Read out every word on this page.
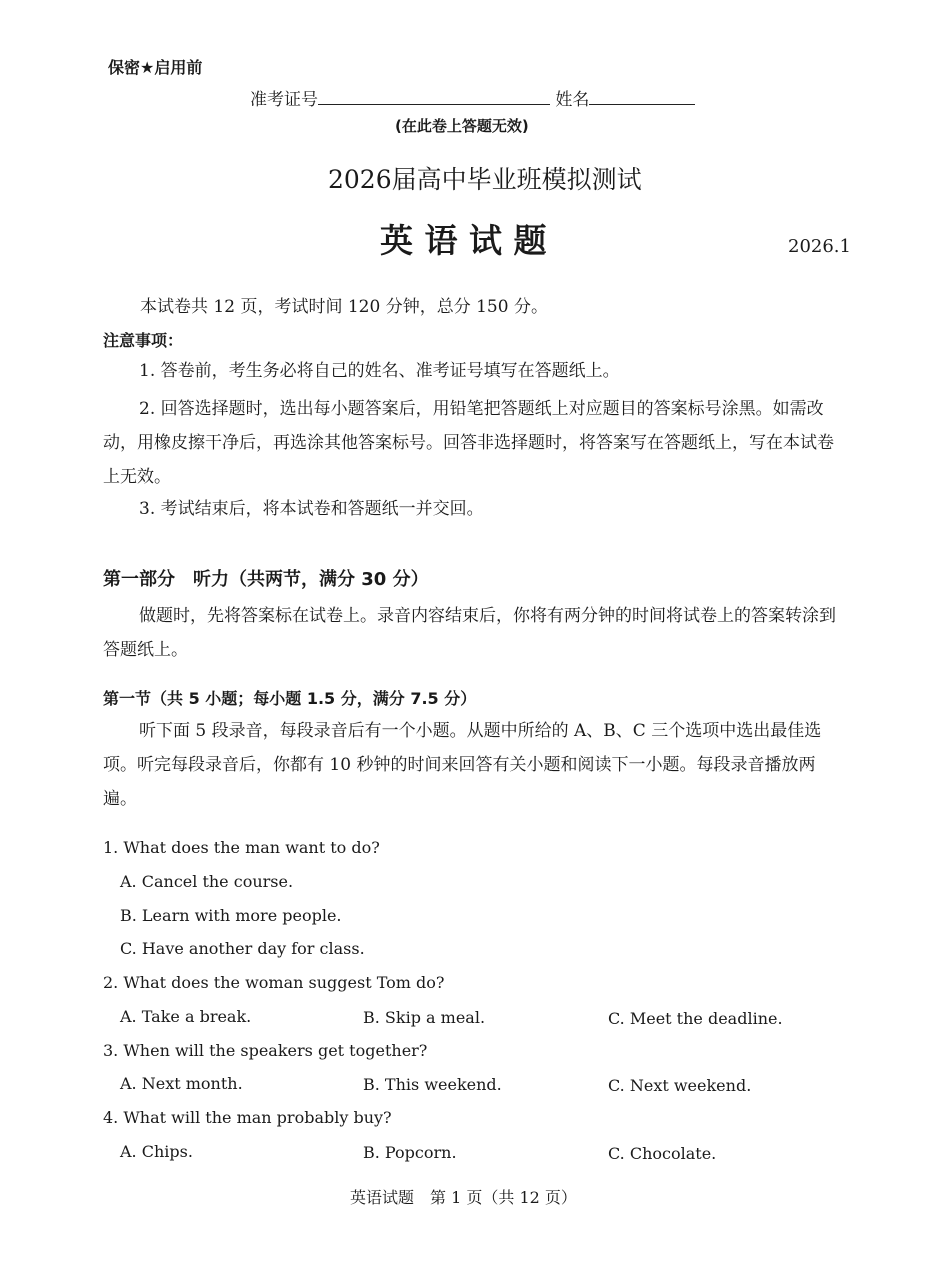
保密★启用前
准考证号	姓名
(在此卷上答题无效)
2026届高中毕业班模拟测试
英 语 试 题	2026.1
本试卷共 12 页，考试时间 120 分钟，总分 150 分。
注意事项：
1. 答卷前，考生务必将自己的姓名、准考证号填写在答题纸上。
2. 回答选择题时，选出每小题答案后，用铅笔把答题纸上对应题目的答案标号涂黑。如需改动，用橡皮擦干净后，再选涂其他答案标号。回答非选择题时，将答案写在答题纸上，写在本试卷上无效。
3. 考试结束后，将本试卷和答题纸一并交回。
第一部分　听力（共两节，满分 30 分）
做题时，先将答案标在试卷上。录音内容结束后，你将有两分钟的时间将试卷上的答案转涂到答题纸上。
第一节（共 5 小题；每小题 1.5 分，满分 7.5 分）
听下面 5 段录音，每段录音后有一个小题。从题中所给的 A、B、C 三个选项中选出最佳选项。听完每段录音后，你都有 10 秒钟的时间来回答有关小题和阅读下一小题。每段录音播放两遍。
1. What does the man want to do?
A. Cancel the course.
B. Learn with more people.
C. Have another day for class.
2. What does the woman suggest Tom do?
A. Take a break.	B. Skip a meal.	C. Meet the deadline.
3. When will the speakers get together?
A. Next month.	B. This weekend.	C. Next weekend.
4. What will the man probably buy?
A. Chips.	B. Popcorn.	C. Chocolate.
英语试题　第 1 页（共 12 页）
